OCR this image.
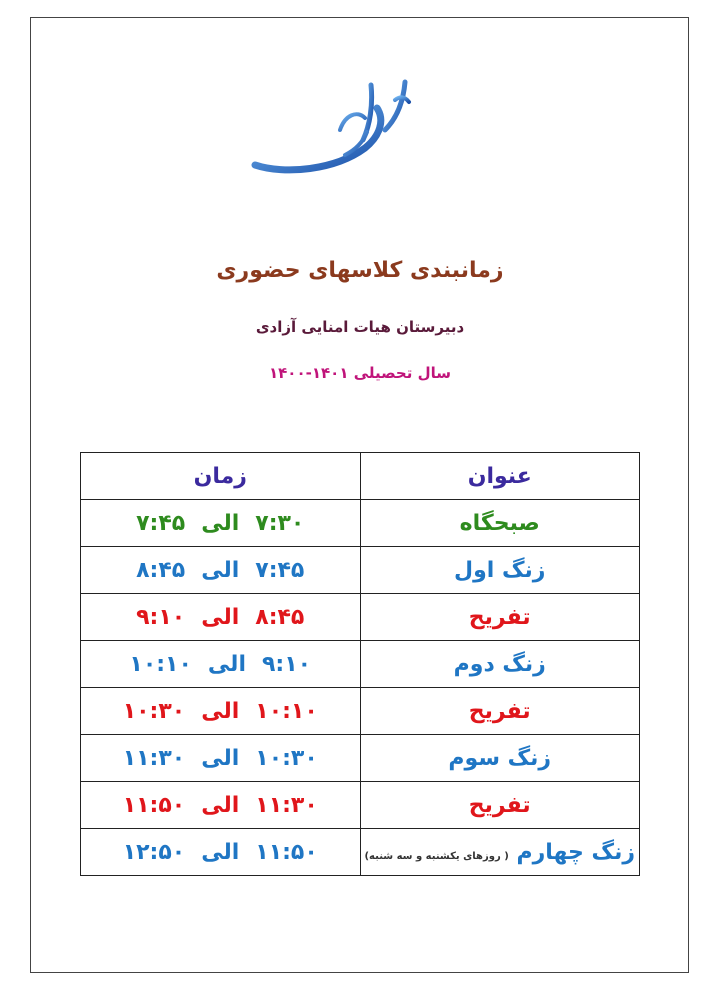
زمانبندی کلاسهای حضوری
دبیرستان هیات امنایی آزادی
سال تحصیلی ۱۴۰۱-۱۴۰۰
عنوان	زمان
صبحگاه	۷:۳۰الی۷:۴۵
زنگ اول	۷:۴۵الی۸:۴۵
تفریح	۸:۴۵الی۹:۱۰
زنگ دوم	۹:۱۰الی۱۰:۱۰
تفریح	۱۰:۱۰الی۱۰:۳۰
زنگ سوم	۱۰:۳۰الی۱۱:۳۰
تفریح	۱۱:۳۰الی۱۱:۵۰
زنگ چهارم ( روزهای یکشنبه و سه شنبه)	۱۱:۵۰الی۱۲:۵۰
